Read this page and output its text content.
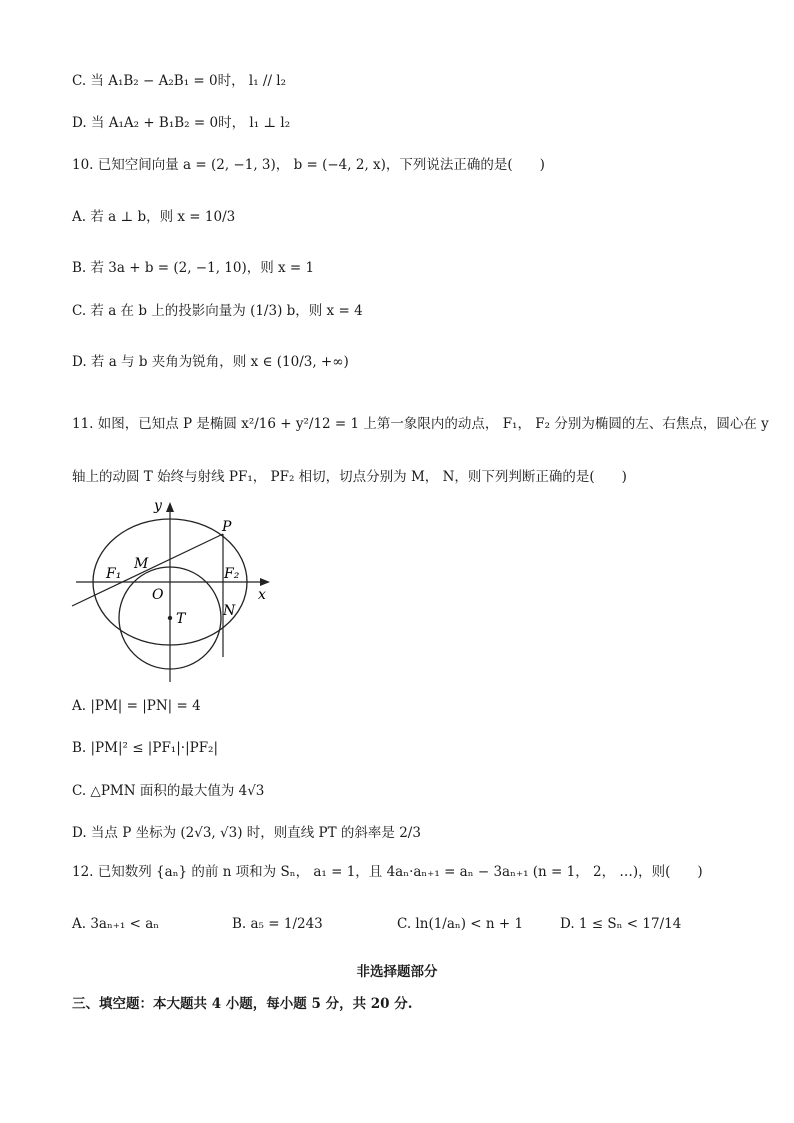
C. 当 A₁B₂ − A₂B₁ = 0时， l₁ // l₂
D. 当 A₁A₂ + B₁B₂ = 0时， l₁ ⊥ l₂
10. 已知空间向量 a = (2, −1, 3)， b = (−4, 2, x)，下列说法正确的是(　　)
A. 若 a ⊥ b，则 x = 10/3
B. 若 3a + b = (2, −1, 10)，则 x = 1
C. 若 a 在 b 上的投影向量为 (1/3) b，则 x = 4
D. 若 a 与 b 夹角为锐角，则 x ∈ (10/3, +∞)
11. 如图，已知点 P 是椭圆 x²/16 + y²/12 = 1 上第一象限内的动点， F₁， F₂ 分别为椭圆的左、右焦点，圆心在 y
轴上的动圆 T 始终与射线 PF₁， PF₂ 相切，切点分别为 M， N，则下列判断正确的是(　　)
y
x
P
M
F₁	F₂
O
N
T
A. |PM| = |PN| = 4
B. |PM|² ≤ |PF₁|·|PF₂|
C. △PMN 面积的最大值为 4√3
D. 当点 P 坐标为 (2√3, √3) 时，则直线 PT 的斜率是 2/3
12. 已知数列 {aₙ} 的前 n 项和为 Sₙ， a₁ = 1，且 4aₙ·aₙ₊₁ = aₙ − 3aₙ₊₁ (n = 1， 2， …)，则(　　)
A. 3aₙ₊₁ < aₙ	B. a₅ = 1/243	C. ln(1/aₙ) < n + 1	D. 1 ≤ Sₙ < 17/14
非选择题部分
三、填空题：本大题共 4 小题，每小题 5 分，共 20 分.
